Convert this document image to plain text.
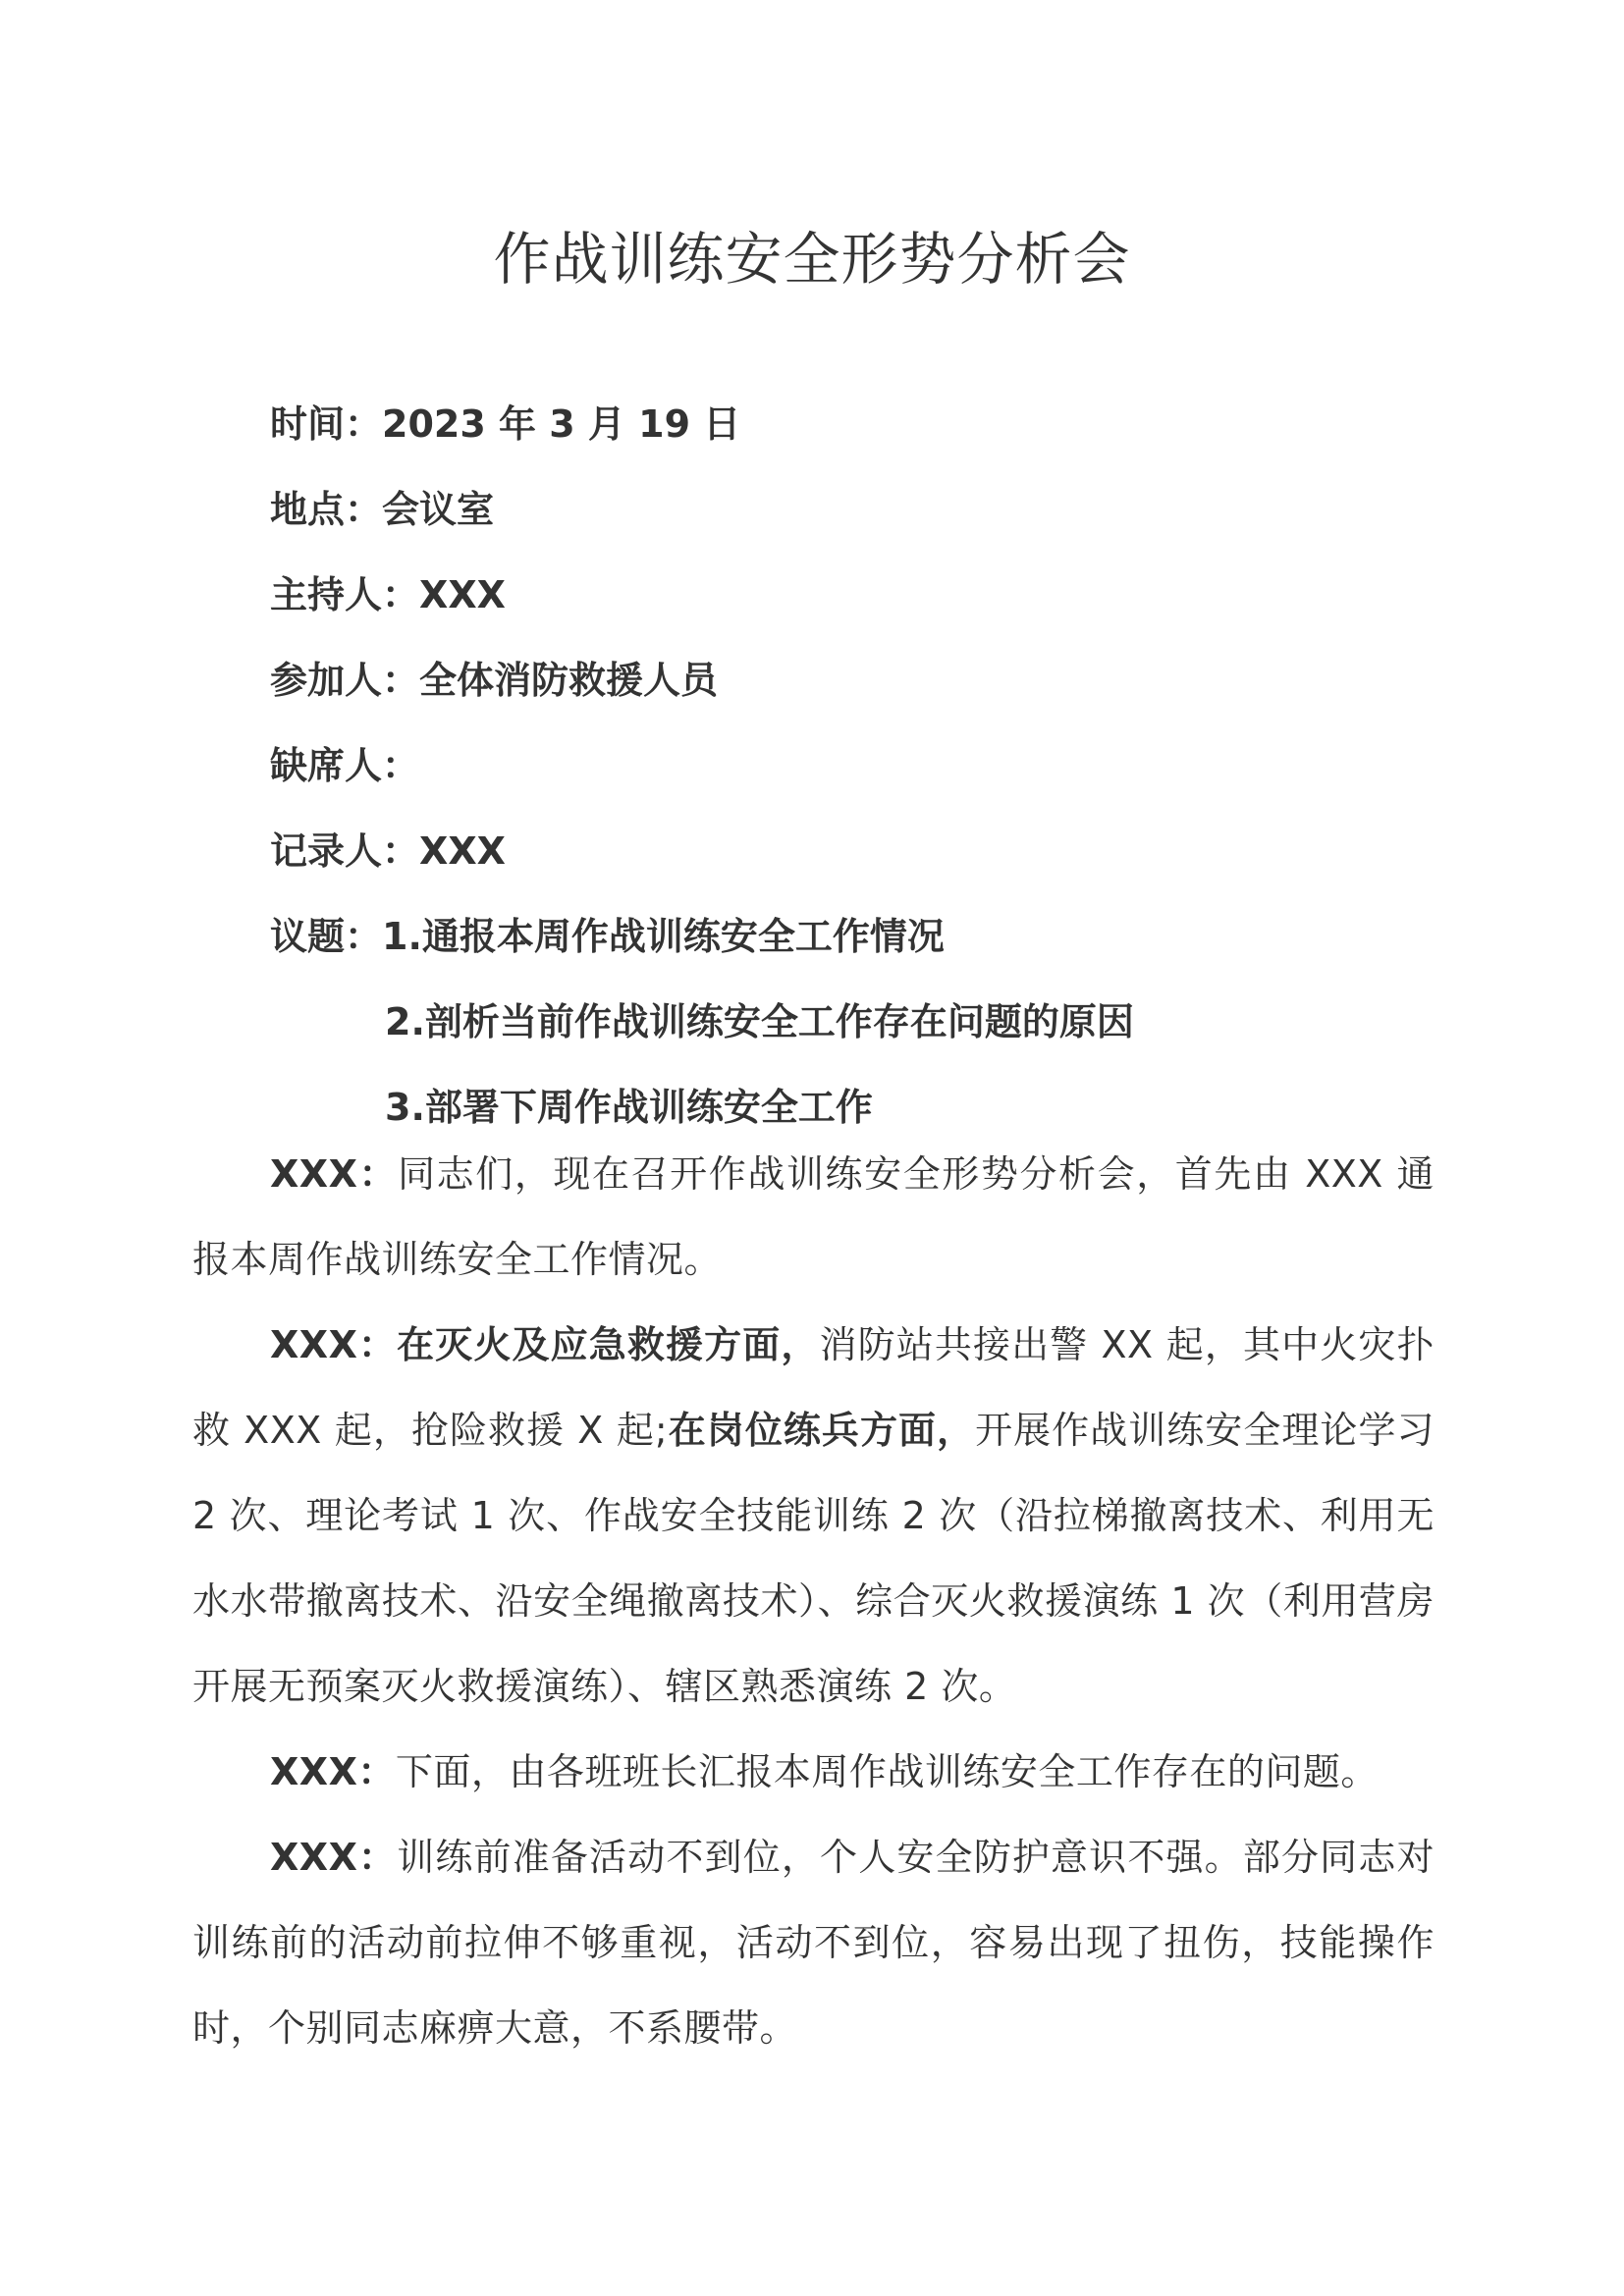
作战训练安全形势分析会
时间：2023 年 3 月 19 日
地点：会议室
主持人：XXX
参加人：全体消防救援人员
缺席人：
记录人：XXX
议题：1.通报本周作战训练安全工作情况
2.剖析当前作战训练安全工作存在问题的原因
3.部署下周作战训练安全工作

XXX：同志们，现在召开作战训练安全形势分析会，首先由 XXX 通报本周作战训练安全工作情况。

XXX：在灭火及应急救援方面，消防站共接出警 XX 起，其中火灾扑救 XXX 起，抢险救援 X 起;在岗位练兵方面，开展作战训练安全理论学习 2 次、理论考试 1 次、作战安全技能训练 2 次（沿拉梯撤离技术、利用无水水带撤离技术、沿安全绳撤离技术）、综合灭火救援演练 1 次（利用营房开展无预案灭火救援演练）、辖区熟悉演练 2 次。

XXX：下面，由各班班长汇报本周作战训练安全工作存在的问题。

XXX：训练前准备活动不到位，个人安全防护意识不强。部分同志对训练前的活动前拉伸不够重视，活动不到位，容易出现了扭伤，技能操作时，个别同志麻痹大意，不系腰带。
